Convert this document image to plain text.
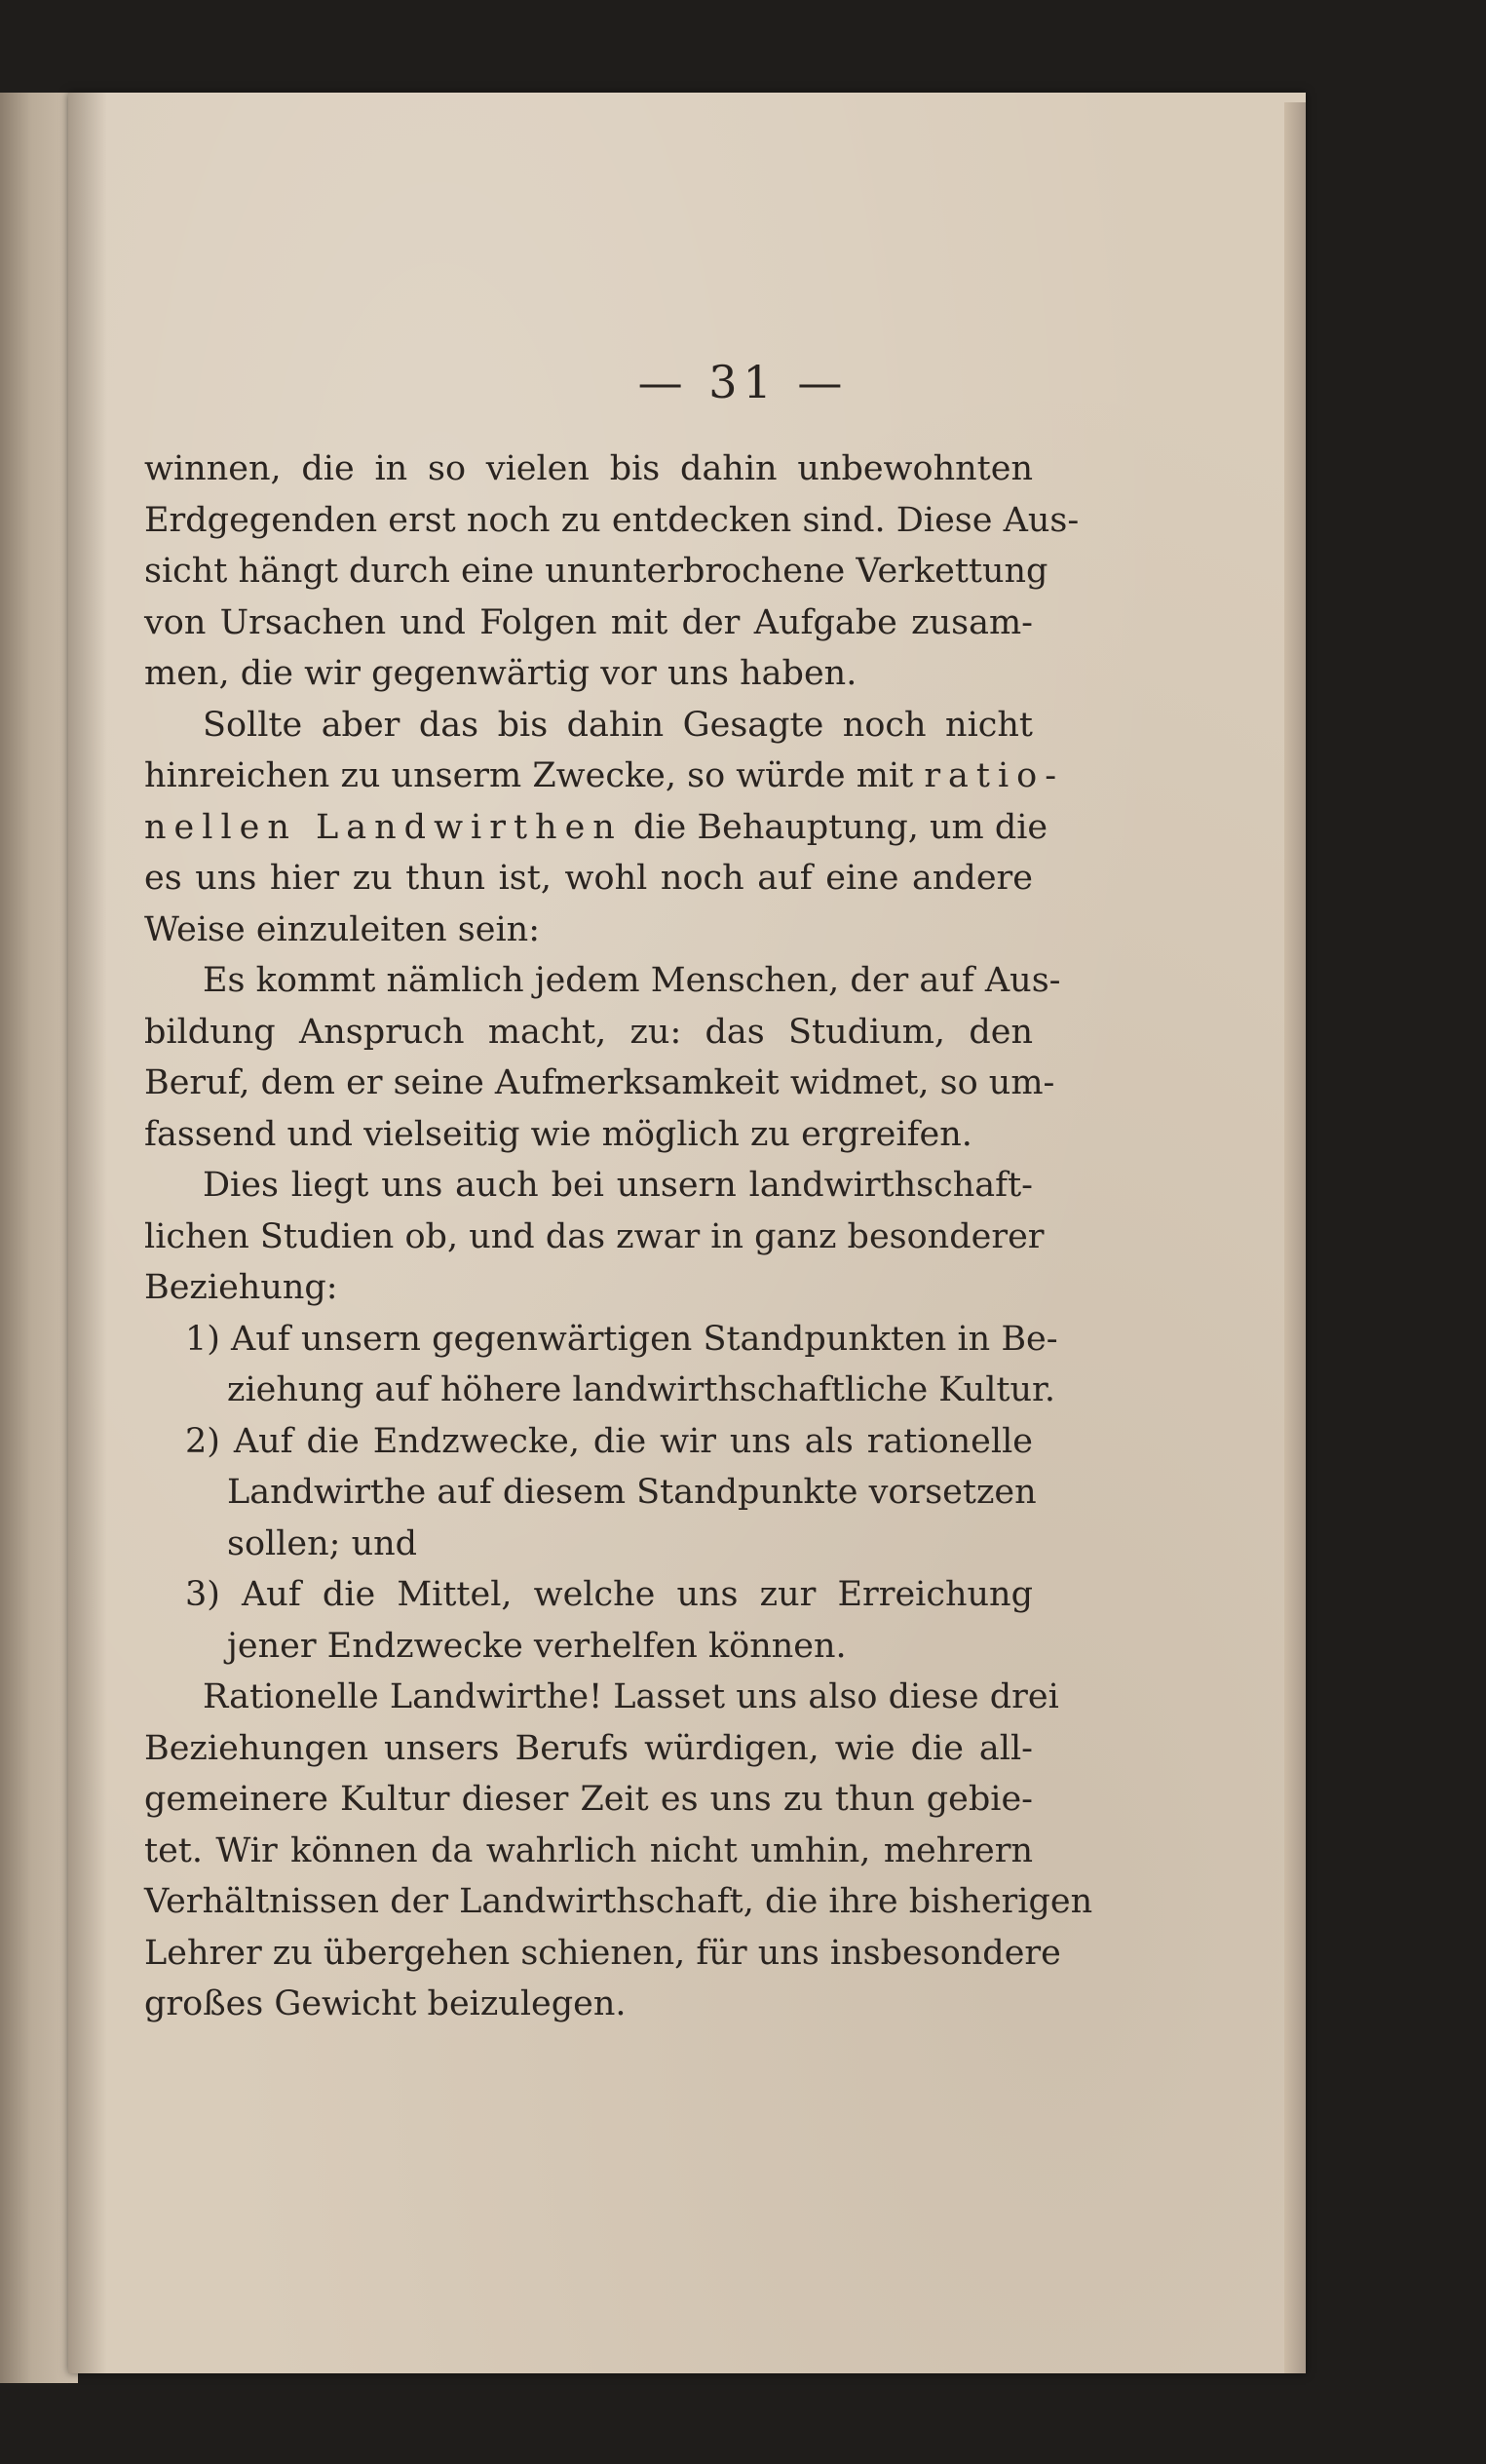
— 31 —
winnen, die in so vielen bis dahin unbewohnten
Erdgegenden erst noch zu entdecken sind. Diese Aus-
sicht hängt durch eine ununterbrochene Verkettung
von Ursachen und Folgen mit der Aufgabe zusam-
men, die wir gegenwärtig vor uns haben.
Sollte aber das bis dahin Gesagte noch nicht
hinreichen zu unserm Zwecke, so würde mit ratio-
nellen Landwirthen die Behauptung, um die
es uns hier zu thun ist, wohl noch auf eine andere
Weise einzuleiten sein:
Es kommt nämlich jedem Menschen, der auf Aus-
bildung Anspruch macht, zu: das Studium, den
Beruf, dem er seine Aufmerksamkeit widmet, so um-
fassend und vielseitig wie möglich zu ergreifen.
Dies liegt uns auch bei unsern landwirthschaft-
lichen Studien ob, und das zwar in ganz besonderer
Beziehung:
1) Auf unsern gegenwärtigen Standpunkten in Be-
ziehung auf höhere landwirthschaftliche Kultur.
2) Auf die Endzwecke, die wir uns als rationelle
Landwirthe auf diesem Standpunkte vorsetzen
sollen; und
3) Auf die Mittel, welche uns zur Erreichung
jener Endzwecke verhelfen können.
Rationelle Landwirthe! Lasset uns also diese drei
Beziehungen unsers Berufs würdigen, wie die all-
gemeinere Kultur dieser Zeit es uns zu thun gebie-
tet. Wir können da wahrlich nicht umhin, mehrern
Verhältnissen der Landwirthschaft, die ihre bisherigen
Lehrer zu übergehen schienen, für uns insbesondere
großes Gewicht beizulegen.
